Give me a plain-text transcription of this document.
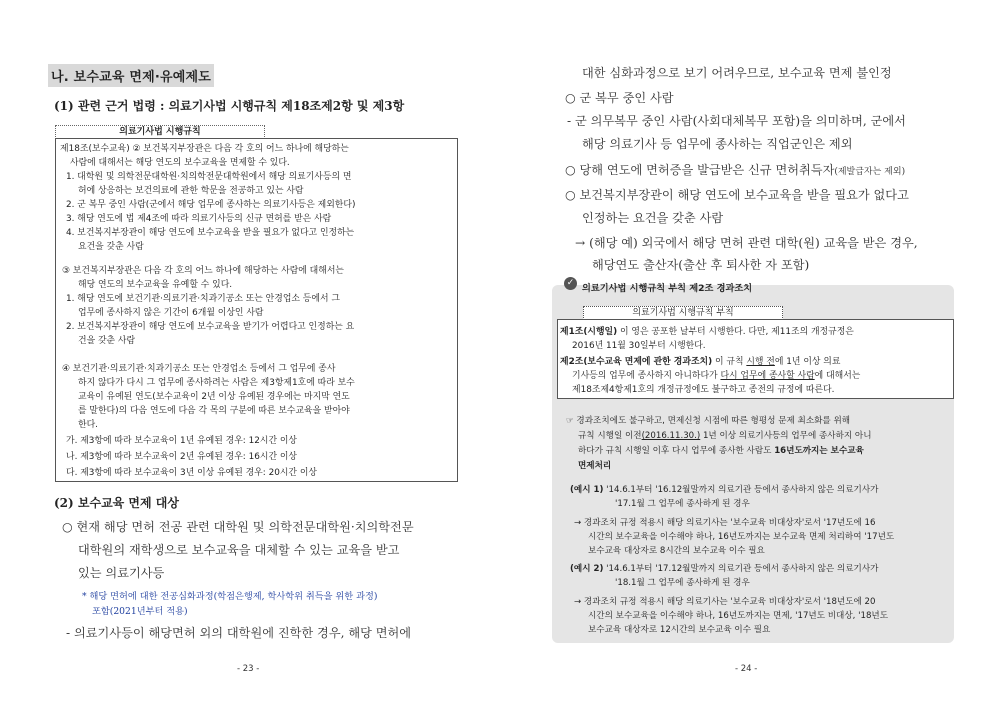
나. 보수교육 면제·유예제도
(1) 관련 근거 법령 : 의료기사법 시행규칙 제18조제2항 및 제3항
의료기사법 시행규칙
제18조(보수교육) ② 보건복지부장관은 다음 각 호의 어느 하나에 해당하는
사람에 대해서는 해당 연도의 보수교육을 면제할 수 있다.
1. 대학원 및 의학전문대학원·치의학전문대학원에서 해당 의료기사등의 면
허에 상응하는 보건의료에 관한 학문을 전공하고 있는 사람
2. 군 복무 중인 사람(군에서 해당 업무에 종사하는 의료기사등은 제외한다)
3. 해당 연도에 법 제4조에 따라 의료기사등의 신규 면허를 받은 사람
4. 보건복지부장관이 해당 연도에 보수교육을 받을 필요가 없다고 인정하는
요건을 갖춘 사람
③ 보건복지부장관은 다음 각 호의 어느 하나에 해당하는 사람에 대해서는
해당 연도의 보수교육을 유예할 수 있다.
1. 해당 연도에 보건기관·의료기관·치과기공소 또는 안경업소 등에서 그
업무에 종사하지 않은 기간이 6개월 이상인 사람
2. 보건복지부장관이 해당 연도에 보수교육을 받기가 어렵다고 인정하는 요
건을 갖춘 사람
④ 보건기관·의료기관·치과기공소 또는 안경업소 등에서 그 업무에 종사
하지 않다가 다시 그 업무에 종사하려는 사람은 제3항제1호에 따라 보수
교육이 유예된 연도(보수교육이 2년 이상 유예된 경우에는 마지막 연도
를 말한다)의 다음 연도에 다음 각 목의 구분에 따른 보수교육을 받아야
한다.
가. 제3항에 따라 보수교육이 1년 유예된 경우: 12시간 이상
나. 제3항에 따라 보수교육이 2년 유예된 경우: 16시간 이상
다. 제3항에 따라 보수교육이 3년 이상 유예된 경우: 20시간 이상
(2) 보수교육 면제 대상
○ 현재 해당 면허 전공 관련 대학원 및 의학전문대학원·치의학전문
대학원의 재학생으로 보수교육을 대체할 수 있는 교육을 받고
있는 의료기사등
* 해당 면허에 대한 전공심화과정(학점은행제, 학사학위 취득을 위한 과정)
포함(2021년부터 적용)
- 의료기사등이 해당면허 외의 대학원에 진학한 경우, 해당 면허에
- 23 -
대한 심화과정으로 보기 어려우므로, 보수교육 면제 불인정
○ 군 복무 중인 사람
- 군 의무복무 중인 사람(사회대체복무 포함)을 의미하며, 군에서
해당 의료기사 등 업무에 종사하는 직업군인은 제외
○ 당해 연도에 면허증을 발급받은 신규 면허취득자(제발급자는 제외)
○ 보건복지부장관이 해당 연도에 보수교육을 받을 필요가 없다고
인정하는 요건을 갖춘 사람
→ (해당 예) 외국에서 해당 면허 관련 대학(원) 교육을 받은 경우,
해당연도 출산자(출산 후 퇴사한 자 포함)
✓ 의료기사법 시행규칙 부칙 제2조 경과조치
의료기사법 시행규칙 부칙
제1조(시행일) 이 영은 공포한 날부터 시행한다. 다만, 제11조의 개정규정은
2016년 11월 30일부터 시행한다.
제2조(보수교육 면제에 관한 경과조치) 이 규칙 시행 전에 1년 이상 의료
기사등의 업무에 종사하지 아니하다가 다시 업무에 종사할 사람에 대해서는
제18조제4항제1호의 개정규정에도 불구하고 종전의 규정에 따른다.
☞ 경과조치에도 불구하고, 면제신청 시점에 따른 형평성 문제 최소화를 위해
규칙 시행일 이전(2016.11.30.) 1년 이상 의료기사등의 업무에 종사하지 아니
하다가 규칙 시행일 이후 다시 업무에 종사한 사람도 16년도까지는 보수교육
면제처리
(예시 1) '14.6.1부터 '16.12월말까지 의료기관 등에서 종사하지 않은 의료기사가
'17.1월 그 업무에 종사하게 된 경우
→ 경과조치 규정 적용시 해당 의료기사는 '보수교육 비대상자'로서 '17년도에 16
시간의 보수교육을 이수해야 하나, 16년도까지는 보수교육 면제 처리하여 '17년도
보수교육 대상자로 8시간의 보수교육 이수 필요
(예시 2) '14.6.1부터 '17.12월말까지 의료기관 등에서 종사하지 않은 의료기사가
'18.1월 그 업무에 종사하게 된 경우
→ 경과조치 규정 적용시 해당 의료기사는 '보수교육 비대상자'로서 '18년도에 20
시간의 보수교육을 이수해야 하나, 16년도까지는 면제, '17년도 비대상, '18년도
보수교육 대상자로 12시간의 보수교육 이수 필요
- 24 -
